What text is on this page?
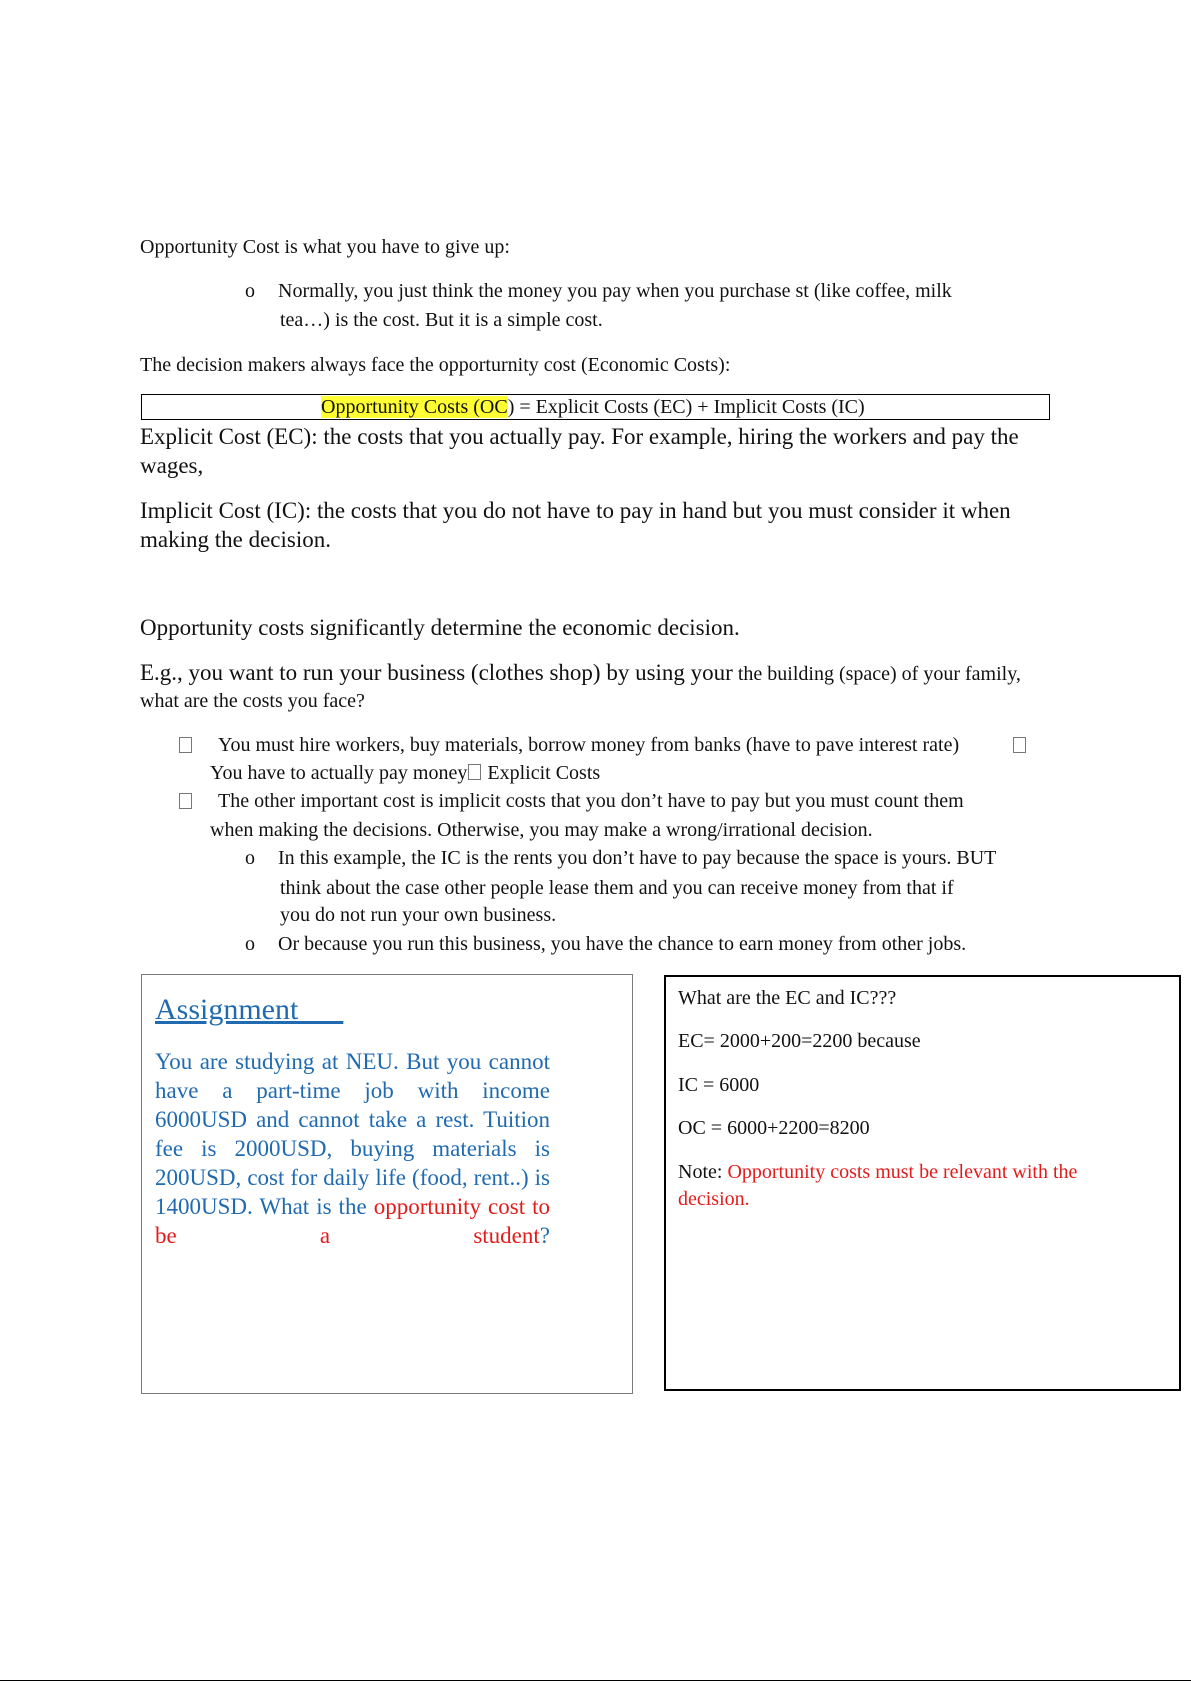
Opportunity Cost is what you have to give up:
o Normally, you just think the money you pay when you purchase st (like coffee, milk
tea…) is the cost. But it is a simple cost.
The decision makers always face the opporturnity cost (Economic Costs):
Opportunity Costs (OC) = Explicit Costs (EC) + Implicit Costs (IC)
Explicit Cost (EC): the costs that you actually pay. For example, hiring the workers and pay the
wages,
Implicit Cost (IC): the costs that you do not have to pay in hand but you must consider it when
making the decision.
Opportunity costs significantly determine the economic decision.
E.g., you want to run your business (clothes shop) by using your the building (space) of your family,
what are the costs you face?
You must hire workers, buy materials, borrow money from banks (have to pave interest rate)
You have to actually pay money Explicit Costs
The other important cost is implicit costs that you don’t have to pay but you must count them
when making the decisions. Otherwise, you may make a wrong/irrational decision.
o In this example, the IC is the rents you don’t have to pay because the space is yours. BUT
think about the case other people lease them and you can receive money from that if
you do not run your own business.
o Or because you run this business, you have the chance to earn money from other jobs.
Assignment
You are studying at NEU. But you cannot have a part-time job with income 6000USD and cannot take a rest. Tuition fee is 2000USD, buying materials is 200USD, cost for daily life (food, rent..) is 1400USD. What is the opportunity cost to be a student?
What are the EC and IC???
EC= 2000+200=2200 because
IC = 6000
OC = 6000+2200=8200
Note: Opportunity costs must be relevant with the
decision.
